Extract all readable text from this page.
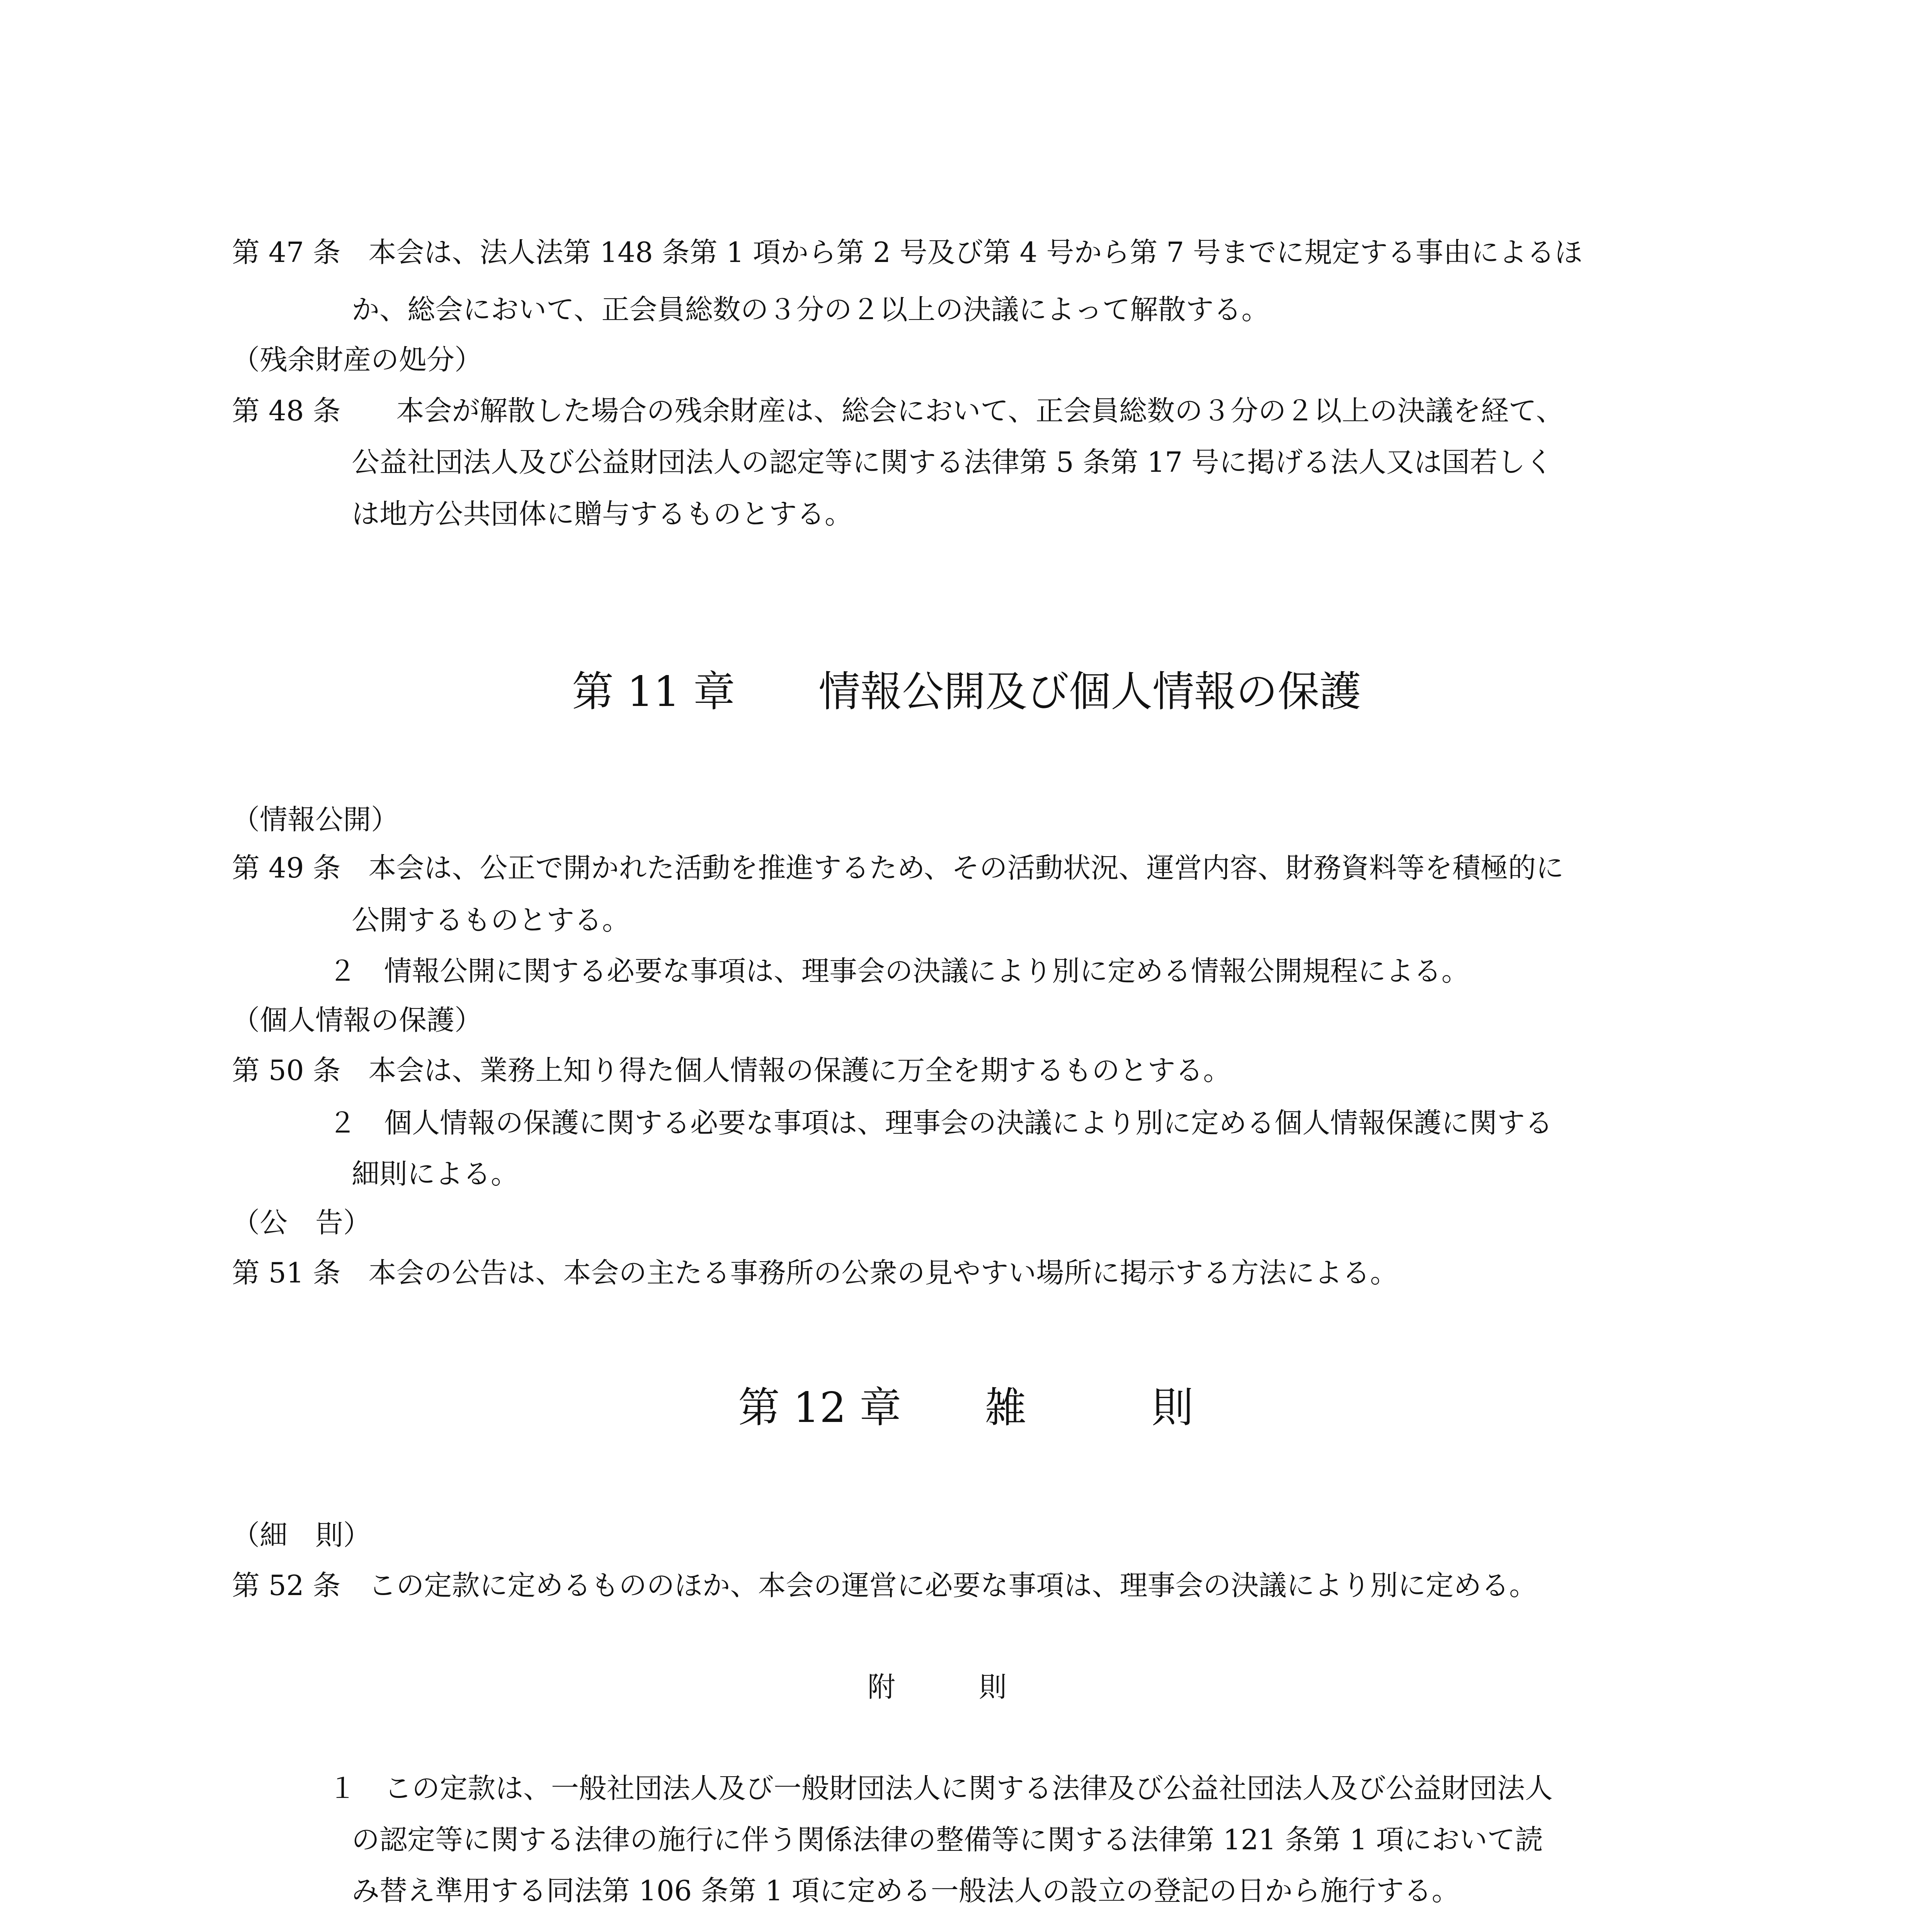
第 47 条　本会は、法人法第 148 条第 1 項から第 2 号及び第 4 号から第 7 号までに規定する事由によるほ

か、総会において、正会員総数の３分の２以上の決議によって解散する。

（残余財産の処分）

第 48 条　　本会が解散した場合の残余財産は、総会において、正会員総数の３分の２以上の決議を経て、

公益社団法人及び公益財団法人の認定等に関する法律第 5 条第 17 号に掲げる法人又は国若しく

は地方公共団体に贈与するものとする。

第 11 章　　情報公開及び個人情報の保護

（情報公開）

第 49 条　本会は、公正で開かれた活動を推進するため、その活動状況、運営内容、財務資料等を積極的に

公開するものとする。

２　情報公開に関する必要な事項は、理事会の決議により別に定める情報公開規程による。

（個人情報の保護）

第 50 条　本会は、業務上知り得た個人情報の保護に万全を期するものとする。

２　個人情報の保護に関する必要な事項は、理事会の決議により別に定める個人情報保護に関する

細則による。

（公　告）

第 51 条　本会の公告は、本会の主たる事務所の公衆の見やすい場所に掲示する方法による。

第 12 章　　雑　　　則

（細　則）

第 52 条　この定款に定めるもののほか、本会の運営に必要な事項は、理事会の決議により別に定める。

附　　　則

１　この定款は、一般社団法人及び一般財団法人に関する法律及び公益社団法人及び公益財団法人

の認定等に関する法律の施行に伴う関係法律の整備等に関する法律第 121 条第 1 項において読

み替え準用する同法第 106 条第 1 項に定める一般法人の設立の登記の日から施行する。
